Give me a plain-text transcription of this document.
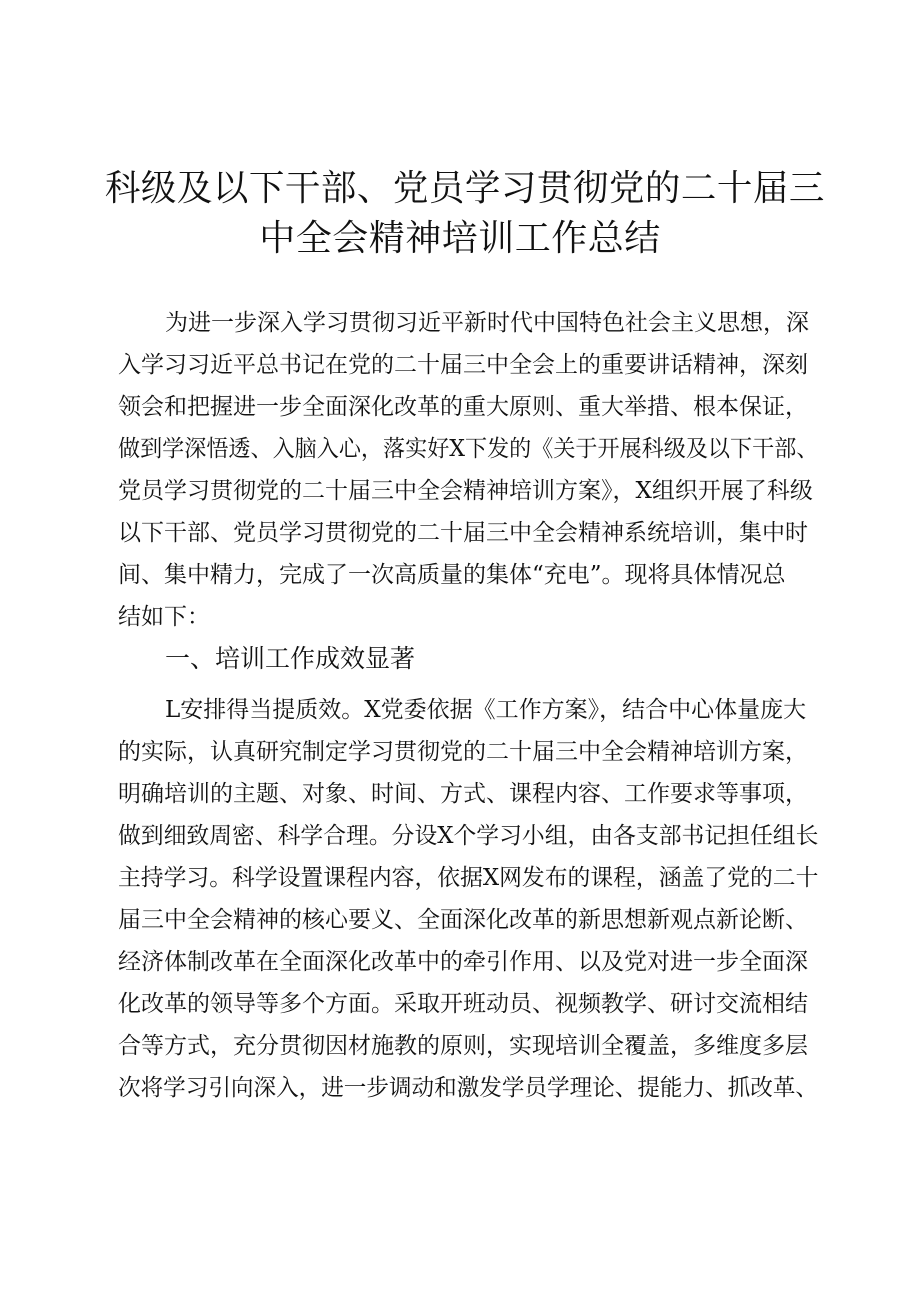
科级及以下干部、党员学习贯彻党的二十届三
中全会精神培训工作总结
为进一步深入学习贯彻习近平新时代中国特色社会主义思想，深
入学习习近平总书记在党的二十届三中全会上的重要讲话精神，深刻
领会和把握进一步全面深化改革的重大原则、重大举措、根本保证，
做到学深悟透、入脑入心，落实好X下发的《关于开展科级及以下干部、
党员学习贯彻党的二十届三中全会精神培训方案》，X组织开展了科级
以下干部、党员学习贯彻党的二十届三中全会精神系统培训，集中时
间、集中精力，完成了一次高质量的集体“充电”。现将具体情况总
结如下：
一、培训工作成效显著
L安排得当提质效。X党委依据《工作方案》，结合中心体量庞大
的实际，认真研究制定学习贯彻党的二十届三中全会精神培训方案，
明确培训的主题、对象、时间、方式、课程内容、工作要求等事项，
做到细致周密、科学合理。分设X个学习小组，由各支部书记担任组长
主持学习。科学设置课程内容，依据X网发布的课程，涵盖了党的二十
届三中全会精神的核心要义、全面深化改革的新思想新观点新论断、
经济体制改革在全面深化改革中的牵引作用、以及党对进一步全面深
化改革的领导等多个方面。采取开班动员、视频教学、研讨交流相结
合等方式，充分贯彻因材施教的原则，实现培训全覆盖，多维度多层
次将学习引向深入，进一步调动和激发学员学理论、提能力、抓改革、
